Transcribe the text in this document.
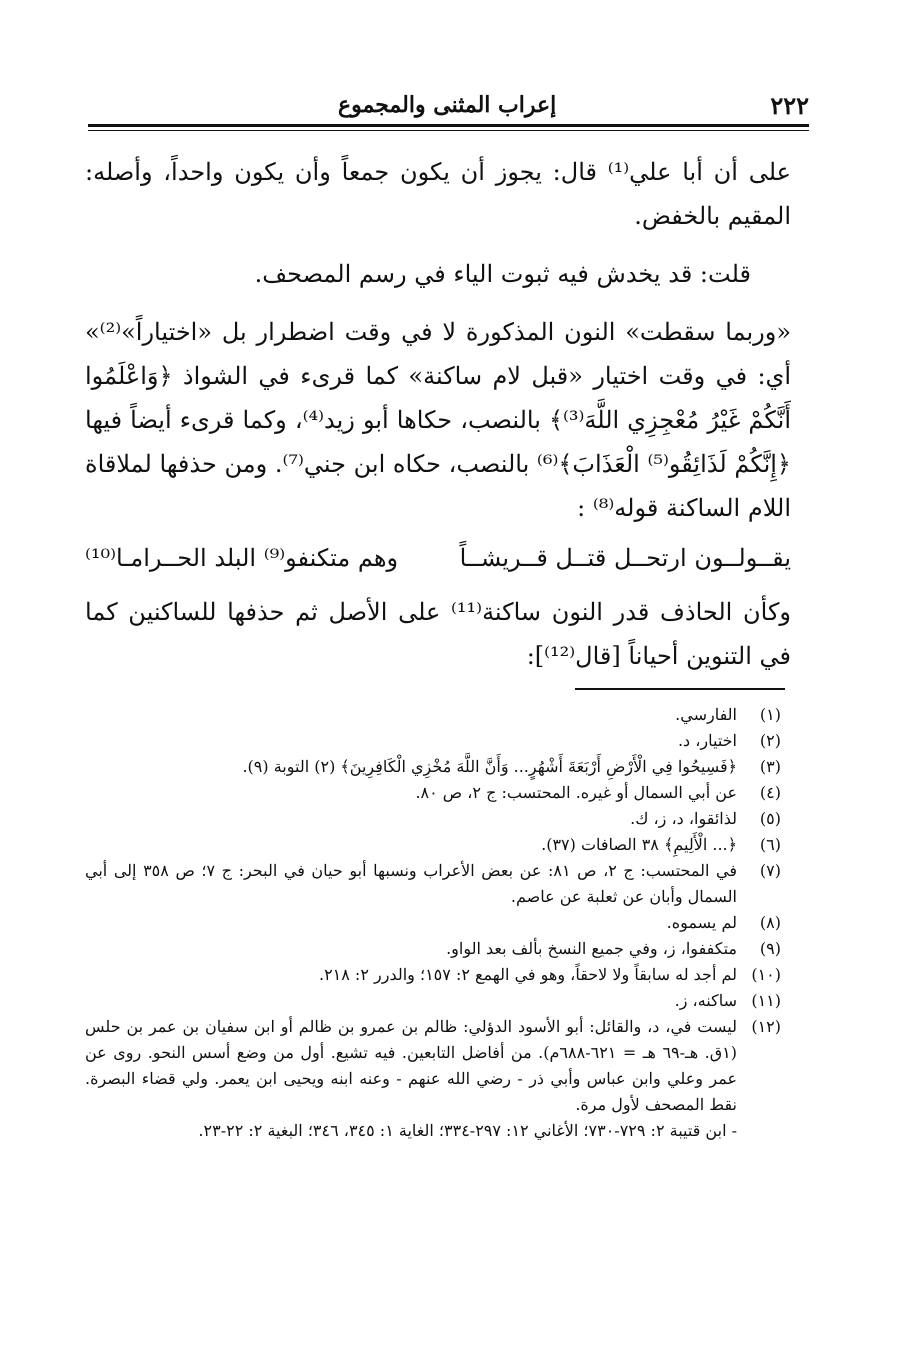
٢٢٢
إعراب المثنى والمجموع

على أن أبا علي⁽¹⁾ قال: يجوز أن يكون جمعاً وأن يكون واحداً، وأصله: المقيم بالخفض.

قلت: قد يخدش فيه ثبوت الياء في رسم المصحف.

«وربما سقطت» النون المذكورة لا في وقت اضطرار بل «اختياراً»⁽²⁾» أي: في وقت اختيار «قبل لام ساكنة» كما قرىء في الشواذ ﴿وَاعْلَمُوا أَنَّكُمْ غَيْرُ مُعْجِزِي اللَّهَ⁽³⁾﴾ بالنصب، حكاها أبو زيد⁽⁴⁾، وكما قرىء أيضاً فيها ﴿إِنَّكُمْ لَذَائِقُو⁽⁵⁾ الْعَذَابَ﴾⁽⁶⁾ بالنصب، حكاه ابن جني⁽⁷⁾. ومن حذفها لملاقاة اللام الساكنة قوله⁽⁸⁾ :

يقــولــون ارتحــل قتــل قــريشــاً
وهم متكنفو⁽⁹⁾ البلد الحــرامـا⁽¹⁰⁾

وكأن الحاذف قدر النون ساكنة⁽¹¹⁾ على الأصل ثم حذفها للساكنين كما في التنوين أحياناً [قال⁽¹²⁾]:

(١)
الفارسي.
(٢)
اختيار، د.
(٣)
﴿فَسِيحُوا فِي الْأَرْضِ أَرْبَعَةَ أَشْهُرٍ... وَأَنَّ اللَّهَ مُخْزِي الْكَافِرِينَ﴾ (٢) التوبة (٩).
(٤)
عن أبي السمال أو غيره. المحتسب: ج ٢، ص ٨٠.
(٥)
لذائقوا، د، ز، ك.
(٦)
﴿... الْأَلِيمِ﴾ ٣٨ الصافات (٣٧).
(٧)
في المحتسب: ج ٢، ص ٨١: عن بعض الأعراب ونسبها أبو حيان في البحر: ج ٧؛ ص ٣٥٨ إلى أبي السمال وأبان عن ثعلبة عن عاصم.
(٨)
لم يسموه.
(٩)
متكففوا، ز، وفي جميع النسخ بألف بعد الواو.
(١٠)
لم أجد له سابقاً ولا لاحقاً، وهو في الهمع ٢: ١٥٧؛ والدرر ٢: ٢١٨.
(١١)
ساكنه، ز.
(١٢)
ليست في، د، والقائل: أبو الأسود الدؤلي: ظالم بن عمرو بن ظالم أو ابن سفيان بن عمر بن حلس (١ق. هـ-٦٩ هـ = ٦٢١-٦٨٨م). من أفاضل التابعين. فيه تشيع. أول من وضع أسس النحو. روى عن عمر وعلي وابن عباس وأبي ذر - رضي الله عنهم - وعنه ابنه ويحيى ابن يعمر. ولي قضاء البصرة. نقط المصحف لأول مرة.
- ابن قتيبة ٢: ٧٢٩-٧٣٠؛ الأغاني ١٢: ٢٩٧-٣٣٤؛ الغاية ١: ٣٤٥، ٣٤٦؛ البغية ٢: ٢٢-٢٣.
